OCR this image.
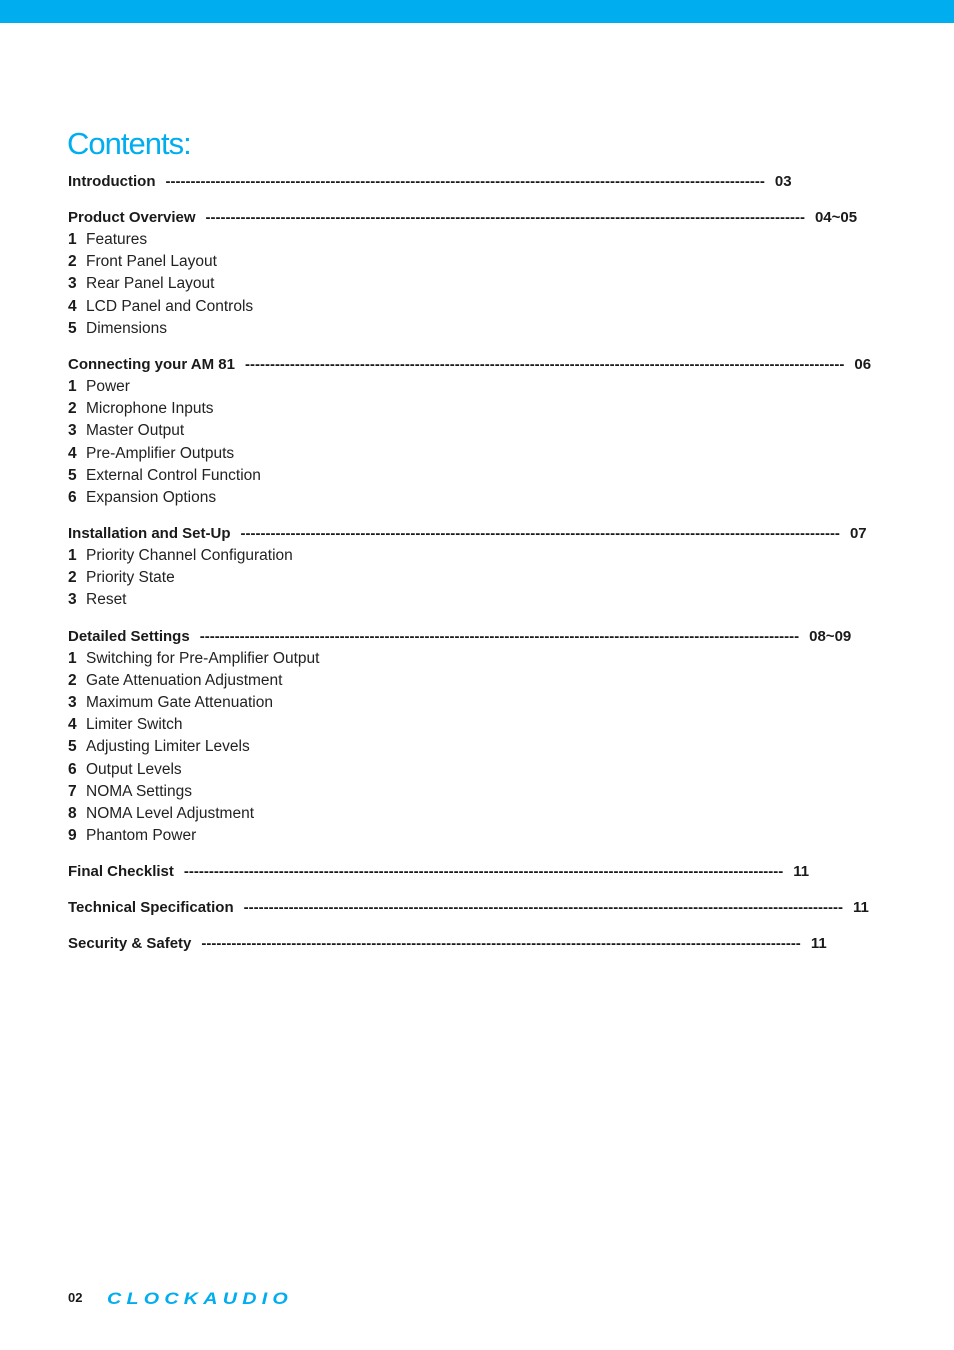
Contents:
Introduction ------------------------------------------------------------------------------------------------------------------------ 03
Product Overview ------------------------------------------------------------------------------------------------------------------------ 04~05
1 Features
2 Front Panel Layout
3 Rear Panel Layout
4 LCD Panel and Controls
5 Dimensions
Connecting your AM 81 ------------------------------------------------------------------------------------------------------------------------ 06
1 Power
2 Microphone Inputs
3 Master Output
4 Pre-Amplifier Outputs
5 External Control Function
6 Expansion Options
Installation and Set-Up ------------------------------------------------------------------------------------------------------------------------ 07
1 Priority Channel Configuration
2 Priority State
3 Reset
Detailed Settings ------------------------------------------------------------------------------------------------------------------------ 08~09
1 Switching for Pre-Amplifier Output
2 Gate Attenuation Adjustment
3 Maximum Gate Attenuation
4 Limiter Switch
5 Adjusting Limiter Levels
6 Output Levels
7 NOMA Settings
8 NOMA Level Adjustment
9 Phantom Power
Final Checklist ------------------------------------------------------------------------------------------------------------------------ 11
Technical Specification ------------------------------------------------------------------------------------------------------------------------ 11
Security & Safety ------------------------------------------------------------------------------------------------------------------------ 11
02 CLOCKAUDIO
